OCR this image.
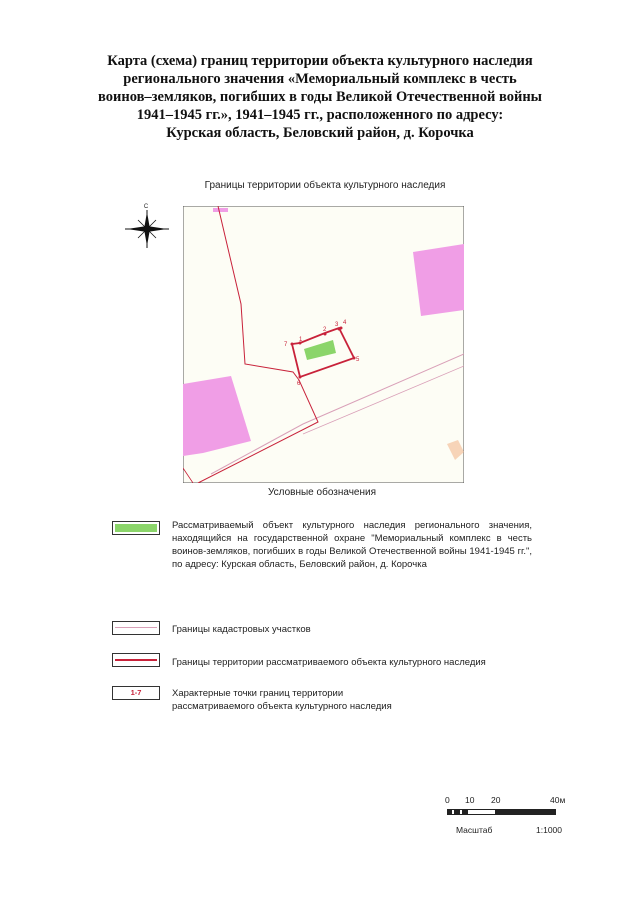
Карта (схема) границ территории объекта культурного наследия
регионального значения «Мемориальный комплекс в честь
воинов–земляков, погибших в годы Великой Отечественной войны
1941–1945 гг.», 1941–1945 гг., расположенного по адресу:
Курская область, Беловский район, д. Корочка
Границы территории объекта культурного наследия
С
1
2
3 4
5
6
7
Условные обозначения
Рассматриваемый объект культурного наследия регионального значения, находящийся на государственной охране "Мемориальный комплекс в честь воинов-земляков, погибших в годы Великой Отечественной войны 1941-1945 гг.", по адресу: Курская область, Беловский район, д. Корочка
Границы кадастровых участков
Границы территории рассматриваемого объекта культурного наследия
1-7	Характерные точки границ территории
рассматриваемого объекта культурного наследия
0 10 20	40м
Масштаб	1:1000
